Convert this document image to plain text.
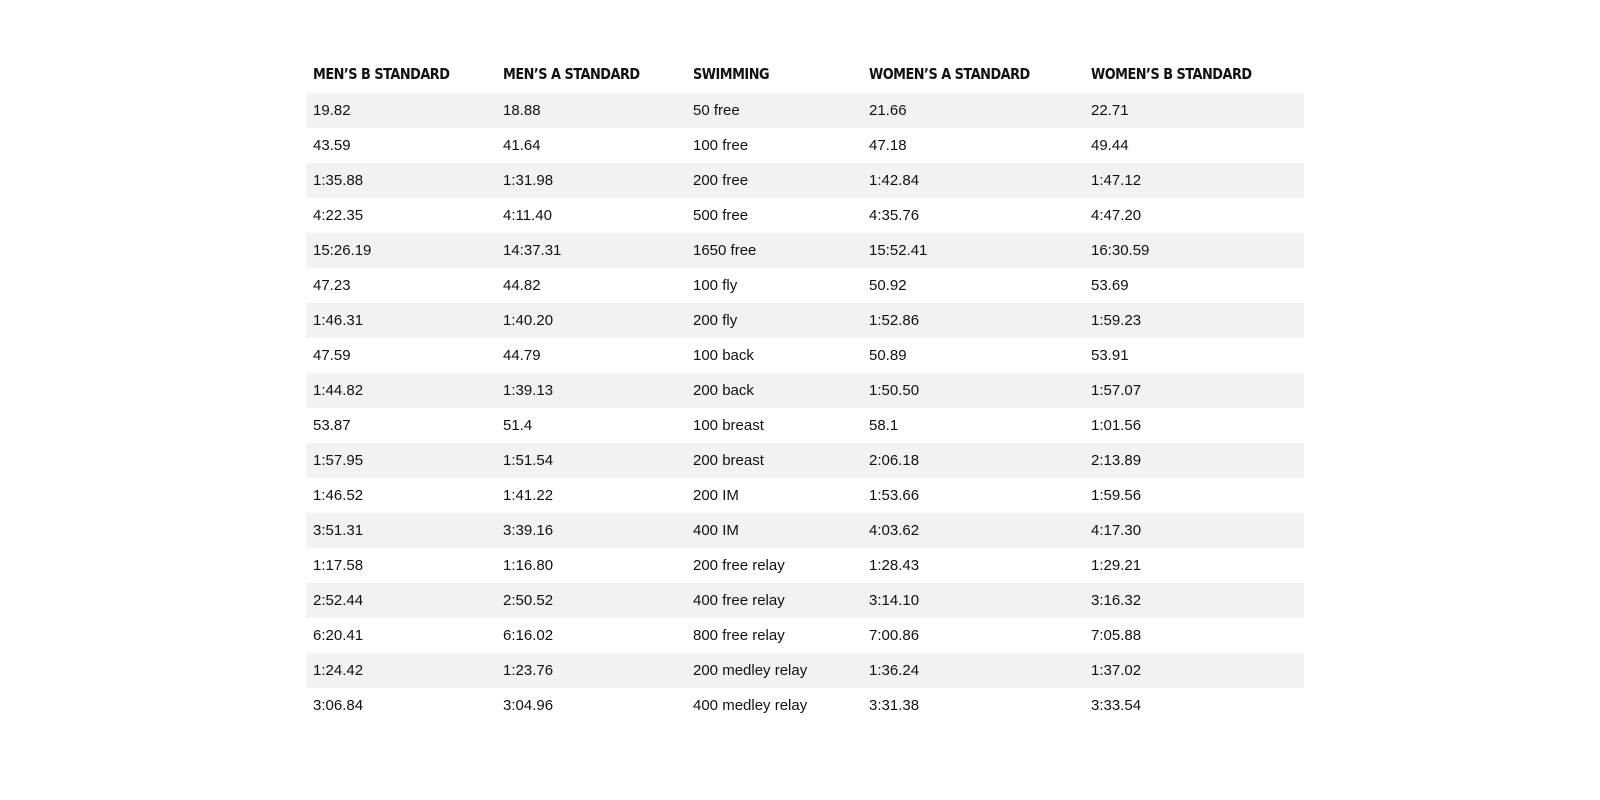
MEN’S B STANDARD	MEN’S A STANDARD	SWIMMING	WOMEN’S A STANDARD	WOMEN’S B STANDARD
19.82	18.88	50 free	21.66	22.71
43.59	41.64	100 free	47.18	49.44
1:35.88	1:31.98	200 free	1:42.84	1:47.12
4:22.35	4:11.40	500 free	4:35.76	4:47.20
15:26.19	14:37.31	1650 free	15:52.41	16:30.59
47.23	44.82	100 fly	50.92	53.69
1:46.31	1:40.20	200 fly	1:52.86	1:59.23
47.59	44.79	100 back	50.89	53.91
1:44.82	1:39.13	200 back	1:50.50	1:57.07
53.87	51.4	100 breast	58.1	1:01.56
1:57.95	1:51.54	200 breast	2:06.18	2:13.89
1:46.52	1:41.22	200 IM	1:53.66	1:59.56
3:51.31	3:39.16	400 IM	4:03.62	4:17.30
1:17.58	1:16.80	200 free relay	1:28.43	1:29.21
2:52.44	2:50.52	400 free relay	3:14.10	3:16.32
6:20.41	6:16.02	800 free relay	7:00.86	7:05.88
1:24.42	1:23.76	200 medley relay	1:36.24	1:37.02
3:06.84	3:04.96	400 medley relay	3:31.38	3:33.54
